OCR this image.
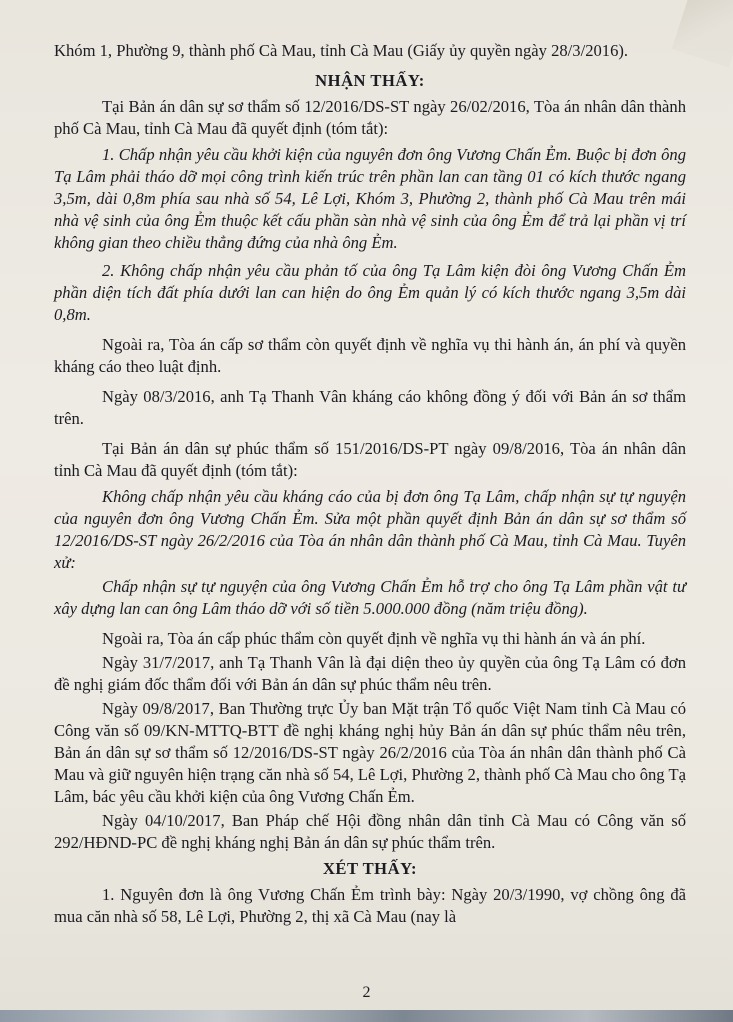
Khóm 1, Phường 9, thành phố Cà Mau, tỉnh Cà Mau (Giấy ủy quyền ngày 28/3/2016).

NHẬN THẤY:

Tại Bản án dân sự sơ thẩm số 12/2016/DS-ST ngày 26/02/2016, Tòa án nhân dân thành phố Cà Mau, tỉnh Cà Mau đã quyết định (tóm tắt):

1. Chấp nhận yêu cầu khởi kiện của nguyên đơn ông Vương Chấn Ẻm. Buộc bị đơn ông Tạ Lâm phải tháo dỡ mọi công trình kiến trúc trên phần lan can tầng 01 có kích thước ngang 3,5m, dài 0,8m phía sau nhà số 54, Lê Lợi, Khóm 3, Phường 2, thành phố Cà Mau trên mái nhà vệ sinh của ông Ẻm thuộc kết cấu phần sàn nhà vệ sinh của ông Ẻm để trả lại phần vị trí không gian theo chiều thẳng đứng của nhà ông Ẻm.

2. Không chấp nhận yêu cầu phản tố của ông Tạ Lâm kiện đòi ông Vương Chấn Ẻm phần diện tích đất phía dưới lan can hiện do ông Ẻm quản lý có kích thước ngang 3,5m dài 0,8m.

Ngoài ra, Tòa án cấp sơ thẩm còn quyết định về nghĩa vụ thi hành án, án phí và quyền kháng cáo theo luật định.

Ngày 08/3/2016, anh Tạ Thanh Vân kháng cáo không đồng ý đối với Bản án sơ thẩm trên.

Tại Bản án dân sự phúc thẩm số 151/2016/DS-PT ngày 09/8/2016, Tòa án nhân dân tỉnh Cà Mau đã quyết định (tóm tắt):

Không chấp nhận yêu cầu kháng cáo của bị đơn ông Tạ Lâm, chấp nhận sự tự nguyện của nguyên đơn ông Vương Chấn Ẻm. Sửa một phần quyết định Bản án dân sự sơ thẩm số 12/2016/DS-ST ngày 26/2/2016 của Tòa án nhân dân thành phố Cà Mau, tỉnh Cà Mau. Tuyên xử:

Chấp nhận sự tự nguyện của ông Vương Chấn Ẻm hỗ trợ cho ông Tạ Lâm phần vật tư xây dựng lan can ông Lâm tháo dỡ với số tiền 5.000.000 đồng (năm triệu đồng).

Ngoài ra, Tòa án cấp phúc thẩm còn quyết định về nghĩa vụ thi hành án và án phí.

Ngày 31/7/2017, anh Tạ Thanh Vân là đại diện theo ủy quyền của ông Tạ Lâm có đơn đề nghị giám đốc thẩm đối với Bản án dân sự phúc thẩm nêu trên.

Ngày 09/8/2017, Ban Thường trực Ủy ban Mặt trận Tổ quốc Việt Nam tỉnh Cà Mau có Công văn số 09/KN-MTTQ-BTT đề nghị kháng nghị hủy Bản án dân sự phúc thẩm nêu trên, Bản án dân sự sơ thẩm số 12/2016/DS-ST ngày 26/2/2016 của Tòa án nhân dân thành phố Cà Mau và giữ nguyên hiện trạng căn nhà số 54, Lê Lợi, Phường 2, thành phố Cà Mau cho ông Tạ Lâm, bác yêu cầu khởi kiện của ông Vương Chấn Ẻm.

Ngày 04/10/2017, Ban Pháp chế Hội đồng nhân dân tỉnh Cà Mau có Công văn số 292/HĐND-PC đề nghị kháng nghị Bản án dân sự phúc thẩm trên.

XÉT THẤY:

1. Nguyên đơn là ông Vương Chấn Ẻm trình bày: Ngày 20/3/1990, vợ chồng ông đã mua căn nhà số 58, Lê Lợi, Phường 2, thị xã Cà Mau (nay là

2
